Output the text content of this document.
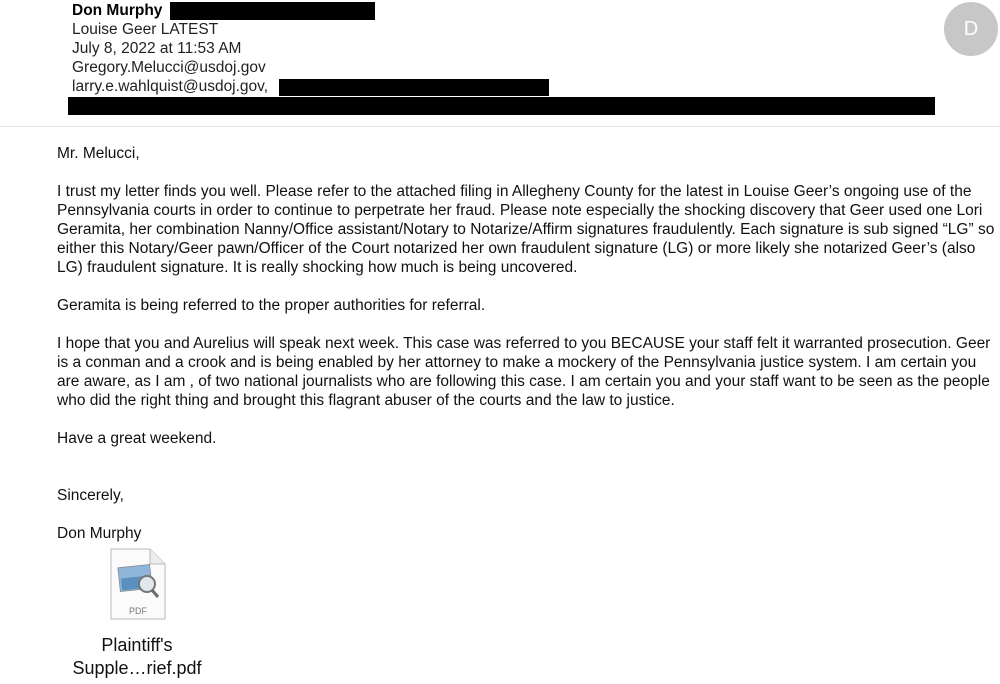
Don Murphy
Louise Geer LATEST
July 8, 2022 at 11:53 AM
Gregory.Melucci@usdoj.gov
larry.e.wahlquist@usdoj.gov,
D

Mr. Melucci,

I trust my letter finds you well. Please refer to the attached filing in Allegheny County for the latest in Louise Geer’s ongoing use of the Pennsylvania courts in order to continue to perpetrate her fraud. Please note especially the shocking discovery that Geer used one Lori Geramita, her combination Nanny/Office assistant/Notary to Notarize/Affirm signatures fraudulently. Each signature is sub signed “LG” so either this Notary/Geer pawn/Officer of the Court notarized her own fraudulent signature (LG) or more likely she notarized Geer’s (also LG) fraudulent signature. It is really shocking how much is being uncovered.

Geramita is being referred to the proper authorities for referral.

I hope that you and Aurelius will speak next week. This case was referred to you BECAUSE your staff felt it warranted prosecution. Geer is a conman and a crook and is being enabled by her attorney to make a mockery of the Pennsylvania justice system. I am certain you are aware, as I am , of two national journalists who are following this case. I am certain you and your staff want to be seen as the people who did the right thing and brought this flagrant abuser of the courts and the law to justice.

Have a great weekend.

Sincerely,

Don Murphy

PDF
Plaintiff's
Supple…rief.pdf
